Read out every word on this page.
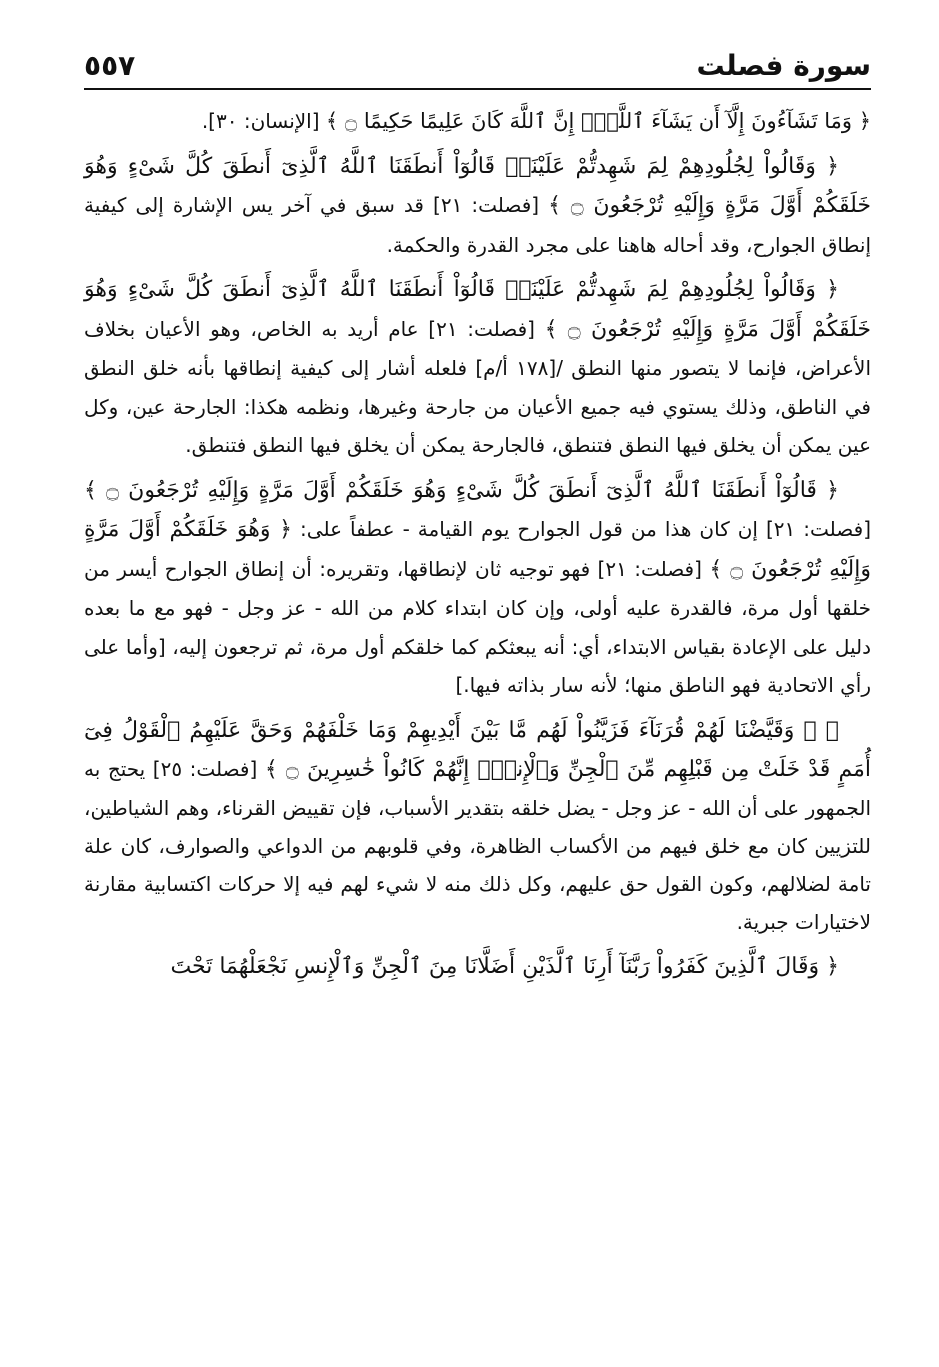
سورة فصلت
٥٥٧

﴿ وَمَا تَشَآءُونَ إِلَّآ أَن يَشَآءَ ٱللَّهُۚ إِنَّ ٱللَّهَ كَانَ عَلِيمًا حَكِيمًا ۝ ﴾ [الإنسان: ٣٠].

﴿ وَقَالُواْ لِجُلُودِهِمْ لِمَ شَهِدتُّمْ عَلَيْنَاۖ قَالُوٓاْ أَنطَقَنَا ٱللَّهُ ٱلَّذِىٓ أَنطَقَ كُلَّ شَىْءٍ وَهُوَ خَلَقَكُمْ أَوَّلَ مَرَّةٍ وَإِلَيْهِ تُرْجَعُونَ ۝ ﴾ [فصلت: ٢١] قد سبق في آخر يس الإشارة إلى كيفية إنطاق الجوارح، وقد أحاله هاهنا على مجرد القدرة والحكمة.

﴿ وَقَالُواْ لِجُلُودِهِمْ لِمَ شَهِدتُّمْ عَلَيْنَاۖ قَالُوٓاْ أَنطَقَنَا ٱللَّهُ ٱلَّذِىٓ أَنطَقَ كُلَّ شَىْءٍ وَهُوَ خَلَقَكُمْ أَوَّلَ مَرَّةٍ وَإِلَيْهِ تُرْجَعُونَ ۝ ﴾ [فصلت: ٢١] عام أريد به الخاص، وهو الأعيان بخلاف الأعراض، فإنما لا يتصور منها النطق /[١٧٨ أ/م] فلعله أشار إلى كيفية إنطاقها بأنه خلق النطق في الناطق، وذلك يستوي فيه جميع الأعيان من جارحة وغيرها، ونظمه هكذا: الجارحة عين، وكل عين يمكن أن يخلق فيها النطق فتنطق، فالجارحة يمكن أن يخلق فيها النطق فتنطق.

﴿ قَالُوٓاْ أَنطَقَنَا ٱللَّهُ ٱلَّذِىٓ أَنطَقَ كُلَّ شَىْءٍ وَهُوَ خَلَقَكُمْ أَوَّلَ مَرَّةٍ وَإِلَيْهِ تُرْجَعُونَ ۝ ﴾ [فصلت: ٢١] إن كان هذا من قول الجوارح يوم القيامة - عطفاً على: ﴿ وَهُوَ خَلَقَكُمْ أَوَّلَ مَرَّةٍ وَإِلَيْهِ تُرْجَعُونَ ۝ ﴾ [فصلت: ٢١] فهو توجيه ثان لإنطاقها، وتقريره: أن إنطاق الجوارح أيسر من خلقها أول مرة، فالقدرة عليه أولى، وإن كان ابتداء كلام من الله - عز وجل - فهو مع ما بعده دليل على الإعادة بقياس الابتداء، أي: أنه يبعثكم كما خلقكم أول مرة، ثم ترجعون إليه، [وأما على رأي الاتحادية فهو الناطق منها؛ لأنه سار بذاته فيها.]

﴿ ۞ وَقَيَّضْنَا لَهُمْ قُرَنَآءَ فَزَيَّنُواْ لَهُم مَّا بَيْنَ أَيْدِيهِمْ وَمَا خَلْفَهُمْ وَحَقَّ عَلَيْهِمُ ٱلْقَوْلُ فِىٓ أُمَمٍ قَدْ خَلَتْ مِن قَبْلِهِم مِّنَ ٱلْجِنِّ وَٱلْإِنسِۖ إِنَّهُمْ كَانُواْ خَٰسِرِينَ ۝ ﴾ [فصلت: ٢٥] يحتج به الجمهور على أن الله - عز وجل - يضل خلقه بتقدير الأسباب، فإن تقييض القرناء، وهم الشياطين، للتزيين كان مع خلق فيهم من الأكساب الظاهرة، وفي قلوبهم من الدواعي والصوارف، كان علة تامة لضلالهم، وكون القول حق عليهم، وكل ذلك منه لا شيء لهم فيه إلا حركات اكتسابية مقارنة لاختيارات جبرية.

﴿ وَقَالَ ٱلَّذِينَ كَفَرُواْ رَبَّنَآ أَرِنَا ٱلَّذَيْنِ أَضَلَّانَا مِنَ ٱلْجِنِّ وَٱلْإِنسِ نَجْعَلْهُمَا تَحْتَ
